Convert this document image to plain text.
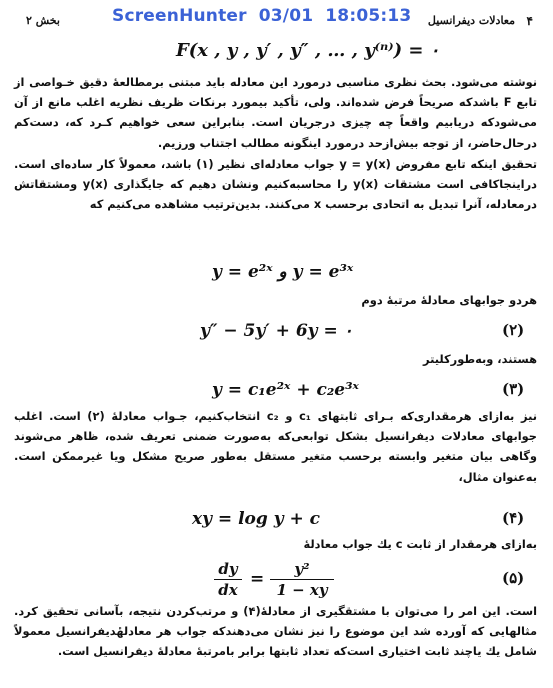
۴
معادلات دیفرانسیل
بخش ۲	ScreenHunter 03/01 18:05:13
F(x , y , y′ , y″ , … , y⁽ⁿ⁾) = ٠
نوشته می‌شود. بحث نظری مناسبی درمورد این معادله باید مبتنی برمطالعهٔ دقیق خـواصی از تابع F باشدکه صریحاً فرض شده‌اند. ولی، تأکید بیمورد برنکات ظریف نظریه اغلب مانع از آن می‌شودکه دریابیم واقعاً چه چیزی درجریان است. بنابراین سعی خواهیم کـرد که، دست‌کم درحال‌حاضر، از توجه بیش‌ازحد درمورد اینگونه مطالب اجتناب ورزیم.
تحقیق اینکه تابع مفروض y = y(x) جواب معادله‌ای نظیر (۱) باشد، معمولاً کار ساده‌ای است. دراینجاکافی است مشتقات y(x) را محاسبه‌کنیم ونشان دهیم که جایگذاری y(x) ومشتقاتش درمعادله، آنرا تبدیل به اتحادی برحسب x می‌کنند. بدین‌ترتیب مشاهده می‌کنیم که
y = e²ˣ و y = e³ˣ
هردو جوابهای معادلهٔ مرتبهٔ دوم
y″ − 5y′ + 6y = ٠	(۲)
هستند، وبه‌طورکلیتر
y = c₁e²ˣ + c₂e³ˣ	(۳)
نیز به‌ازای هرمقداری‌که بـرای ثابتهای c₁ و c₂ انتخاب‌کنیم، جـواب معادلهٔ (۲) است. اغلب جوابهای معادلات دیفرانسیل بشکل توابعی‌که به‌صورت ضمنی تعریف شده، ظاهر می‌شوند وگاهی بیان متغیر وابسته برحسب متغیر مستقل به‌طور صریح مشکل ویا غیرممکن است. به‌عنوان مثال،
xy = log y + c	(۴)
به‌ازای هرمقدار از ثابت c یك جواب معادلهٔ
$\frac{dy}{dx} = \frac{\text{y²}}{1 - xy}$	(۵)
است. این امر را می‌توان با مشتقگیری از معادلهٔ(۴) و مرتب‌کردن نتیجه، بآسانی تحقیق کرد. مثالهایی که آورده شد این موضوع را نیز نشان می‌دهندکه جواب هر معادلهٔدیفرانسیل معمولاً شامل یك یاچند ثابت اختیاری است‌که تعداد ثابتها برابر بامرتبهٔ معادلهٔ دیفرانسیل است.
